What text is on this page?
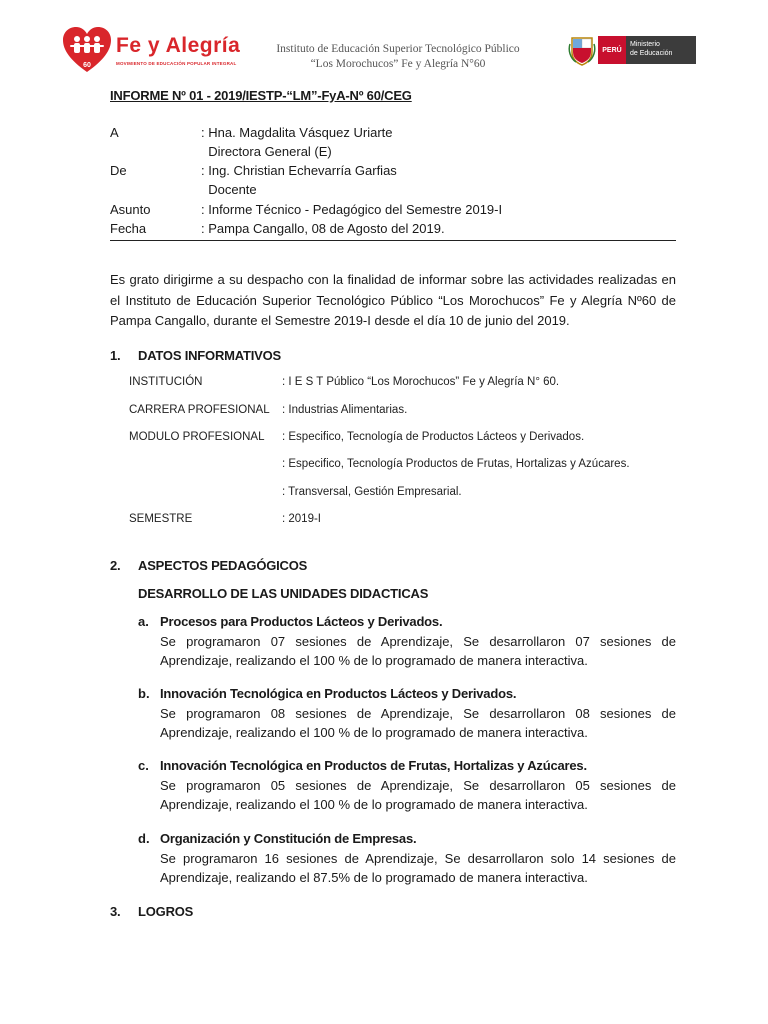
60
Fe y Alegría
MOVIMIENTO DE EDUCACIÓN POPULAR INTEGRAL
Instituto de Educación Superior Tecnológico Público
“Los Morochucos” Fe y Alegría N°60
PERÚ
Ministerio
de Educación
INFORME Nº 01 - 2019/IESTP-“LM”-FyA-Nº 60/CEG
A	: Hna. Magdalita Vásquez Uriarte
Directora General (E)
De	: Ing. Christian Echevarría Garfias
Docente
Asunto	: Informe Técnico - Pedagógico del Semestre 2019-I
Fecha	: Pampa Cangallo, 08 de Agosto del 2019.
Es grato dirigirme a su despacho con la finalidad de informar sobre las actividades realizadas en el Instituto de Educación Superior Tecnológico Público “Los Morochucos” Fe y Alegría Nº60 de Pampa Cangallo, durante el Semestre 2019-I desde el día 10 de junio del 2019.
1. DATOS INFORMATIVOS
INSTITUCIÓN	: I E S T Público “Los Morochucos” Fe y Alegría N° 60.
CARRERA PROFESIONAL : Industrias Alimentarias.
MODULO PROFESIONAL : Especifico, Tecnología de Productos Lácteos y Derivados.
: Especifico, Tecnología Productos de Frutas, Hortalizas y Azúcares.
: Transversal, Gestión Empresarial.
SEMESTRE	: 2019-I
2. ASPECTOS PEDAGÓGICOS
DESARROLLO DE LAS UNIDADES DIDACTICAS
a. Procesos para Productos Lácteos y Derivados.
Se programaron 07 sesiones de Aprendizaje, Se desarrollaron 07 sesiones de Aprendizaje, realizando el 100 % de lo programado de manera interactiva.
b. Innovación Tecnológica en Productos Lácteos y Derivados.
Se programaron 08 sesiones de Aprendizaje, Se desarrollaron 08 sesiones de Aprendizaje, realizando el 100 % de lo programado de manera interactiva.
c. Innovación Tecnológica en Productos de Frutas, Hortalizas y Azúcares.
Se programaron 05 sesiones de Aprendizaje, Se desarrollaron 05 sesiones de Aprendizaje, realizando el 100 % de lo programado de manera interactiva.
d. Organización y Constitución de Empresas.
Se programaron 16 sesiones de Aprendizaje, Se desarrollaron solo 14 sesiones de Aprendizaje, realizando el 87.5% de lo programado de manera interactiva.
3. LOGROS
